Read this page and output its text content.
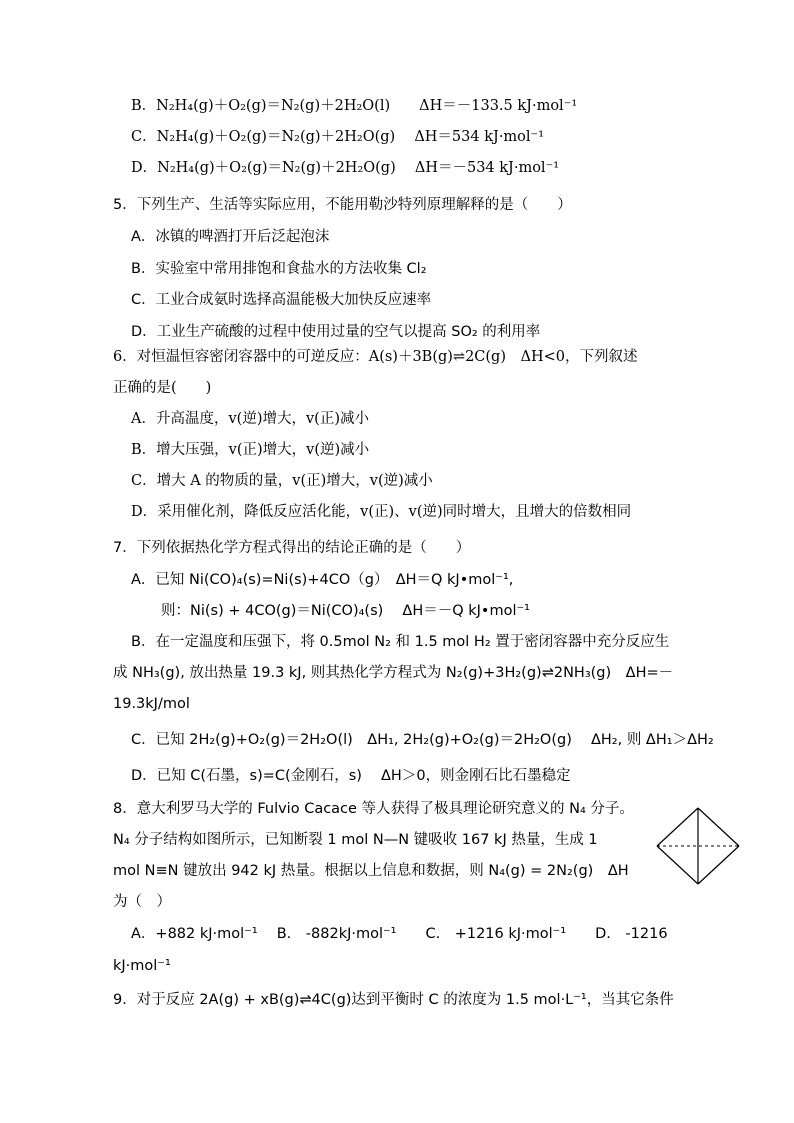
B．N₂H₄(g)＋O₂(g)＝N₂(g)＋2H₂O(l)　　ΔH＝－133.5 kJ·mol⁻¹
C．N₂H₄(g)＋O₂(g)＝N₂(g)＋2H₂O(g)　 ΔH＝534 kJ·mol⁻¹
D．N₂H₄(g)＋O₂(g)＝N₂(g)＋2H₂O(g)　 ΔH＝－534 kJ·mol⁻¹
5．下列生产、生活等实际应用，不能用勒沙特列原理解释的是（　　）
A．冰镇的啤酒打开后泛起泡沫
B．实验室中常用排饱和食盐水的方法收集 Cl₂
C．工业合成氨时选择高温能极大加快反应速率
D．工业生产硫酸的过程中使用过量的空气以提高 SO₂ 的利用率
6．对恒温恒容密闭容器中的可逆反应：A(s)＋3B(g)⇌2C(g)　ΔH<0，下列叙述
正确的是(　　)
A．升高温度，v(逆)增大，v(正)减小
B．增大压强，v(正)增大，v(逆)减小
C．增大 A 的物质的量，v(正)增大，v(逆)减小
D．采用催化剂，降低反应活化能，v(正)、v(逆)同时增大，且增大的倍数相同
7．下列依据热化学方程式得出的结论正确的是（　　）
A．已知 Ni(CO)₄(s)=Ni(s)+4CO（g）　ΔH＝Q kJ•mol⁻¹,
则：Ni(s) + 4CO(g)＝Ni(CO)₄(s)　 ΔH＝－Q kJ•mol⁻¹
B．在一定温度和压强下，将 0.5mol N₂ 和 1.5 mol H₂ 置于密闭容器中充分反应生
成 NH₃(g), 放出热量 19.3 kJ, 则其热化学方程式为 N₂(g)+3H₂(g)⇌2NH₃(g)　ΔH=－
19.3kJ/mol
C．已知 2H₂(g)+O₂(g)＝2H₂O(l)　ΔH₁, 2H₂(g)+O₂(g)＝2H₂O(g)　 ΔH₂, 则 ΔH₁＞ΔH₂
D．已知 C(石墨，s)=C(金刚石，s)　 ΔH＞0，则金刚石比石墨稳定
8．意大利罗马大学的 Fulvio Cacace 等人获得了极具理论研究意义的 N₄ 分子。
N₄ 分子结构如图所示，已知断裂 1 mol N—N 键吸收 167 kJ 热量，生成 1
mol N≡N 键放出 942 kJ 热量。根据以上信息和数据，则 N₄(g) = 2N₂(g)　ΔH
为（　）
A．+882 kJ·mol⁻¹　 B.　-882kJ·mol⁻¹　　C.　+1216 kJ·mol⁻¹　　D.　-1216
kJ·mol⁻¹
9．对于反应 2A(g) + xB(g)⇌4C(g)达到平衡时 C 的浓度为 1.5 mol·L⁻¹，当其它条件
